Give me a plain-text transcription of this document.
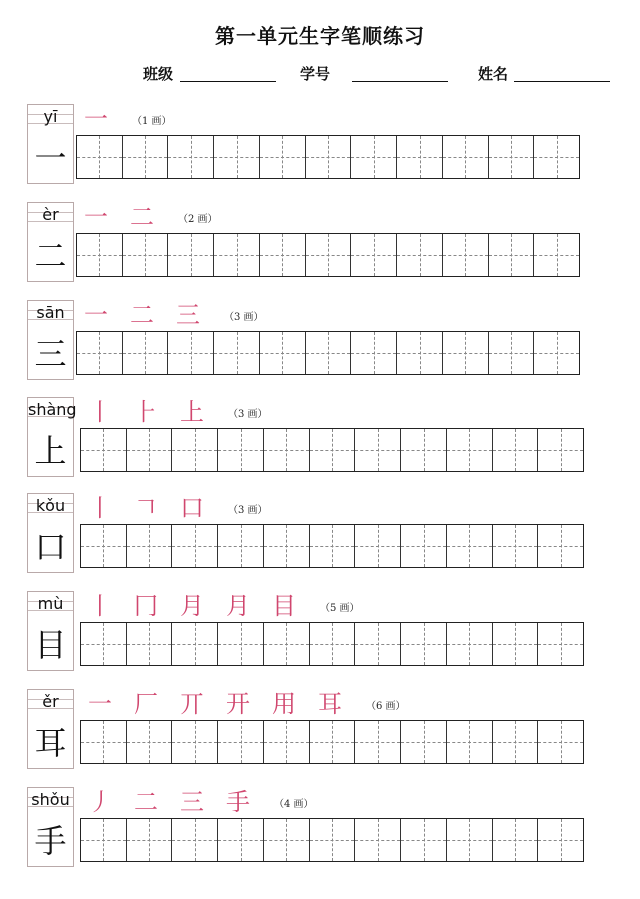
第一单元生字笔顺练习
班级	学号	姓名
yī
一
一	（1 画）
èr
二
一 二	（2 画）
sān
三
一 二 三	（3 画）
shàng
上
丨 ⺊ 上	（3 画）
kǒu
口
丨 𠃍 口	（3 画）
mù
目
丨 冂 月 月 目	（5 画）
ěr
耳
一 厂 丌 开 用 耳	（6 画）
shǒu
手
丿 二 三 手	（4 画）
